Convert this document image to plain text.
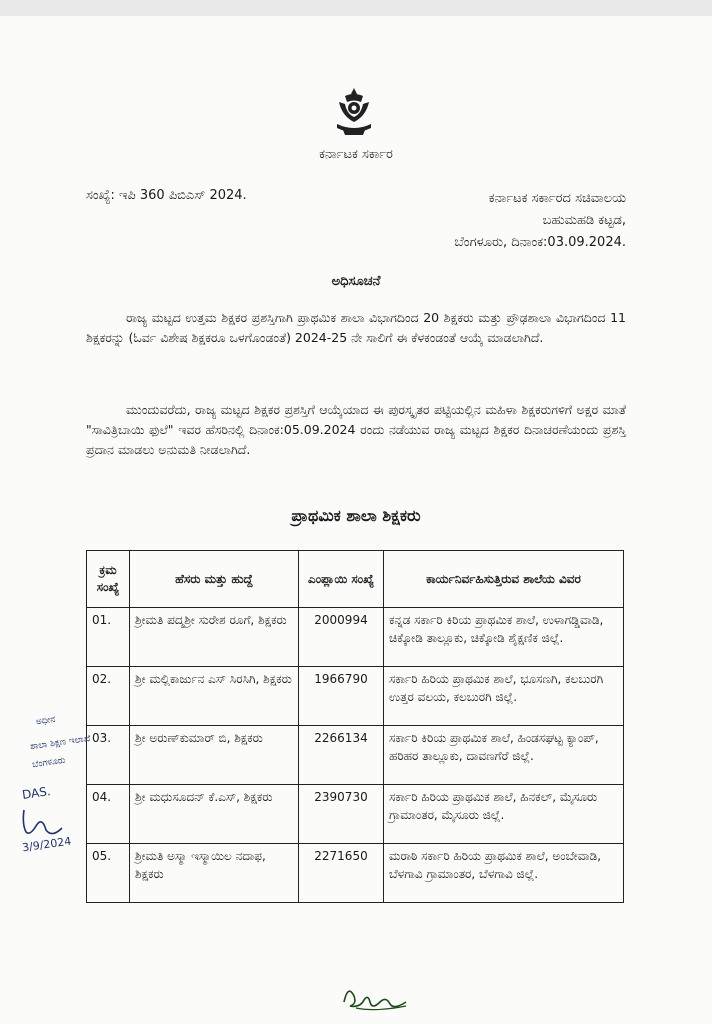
ಕರ್ನಾಟಕ ಸರ್ಕಾರ
ಸಂಖ್ಯೆ: ಇಪಿ 360 ಪಿಬಿಎಸ್ 2024.	ಕರ್ನಾಟಕ ಸರ್ಕಾರದ ಸಚಿವಾಲಯ
ಬಹುಮಹಡಿ ಕಟ್ಟಡ,
ಬೆಂಗಳೂರು, ದಿನಾಂಕ:03.09.2024.
ಅಧಿಸೂಚನೆ
ರಾಜ್ಯ ಮಟ್ಟದ ಉತ್ತಮ ಶಿಕ್ಷಕರ ಪ್ರಶಸ್ತಿಗಾಗಿ ಪ್ರಾಥಮಿಕ ಶಾಲಾ ವಿಭಾಗದಿಂದ 20 ಶಿಕ್ಷಕರು ಮತ್ತು ಪ್ರೌಢಶಾಲಾ ವಿಭಾಗದಿಂದ 11 ಶಿಕ್ಷಕರನ್ನು (ಓರ್ವ ವಿಶೇಷ ಶಿಕ್ಷಕರೂ ಒಳಗೊಂಡಂತೆ) 2024-25 ನೇ ಸಾಲಿಗೆ ಈ ಕೆಳಕಂಡಂತೆ ಆಯ್ಕೆ ಮಾಡಲಾಗಿದೆ.
ಮುಂದುವರೆದು, ರಾಜ್ಯ ಮಟ್ಟದ ಶಿಕ್ಷಕರ ಪ್ರಶಸ್ತಿಗೆ ಆಯ್ಕೆಯಾದ ಈ ಪುರಸ್ಕೃತರ ಪಟ್ಟಿಯಲ್ಲಿನ ಮಹಿಳಾ ಶಿಕ್ಷಕರುಗಳಿಗೆ ಅಕ್ಷರ ಮಾತೆ "ಸಾವಿತ್ರಿಬಾಯಿ ಫುಲೆ" ಇವರ ಹೆಸರಿನಲ್ಲಿ ದಿನಾಂಕ:05.09.2024 ರಂದು ನಡೆಯುವ ರಾಜ್ಯ ಮಟ್ಟದ ಶಿಕ್ಷಕರ ದಿನಾಚರಣೆಯಂದು ಪ್ರಶಸ್ತಿ ಪ್ರದಾನ ಮಾಡಲು ಅನುಮತಿ ನೀಡಲಾಗಿದೆ.
ಪ್ರಾಥಮಿಕ ಶಾಲಾ ಶಿಕ್ಷಕರು
ಕ್ರಮ ಸಂಖ್ಯೆ	ಹೆಸರು ಮತ್ತು ಹುದ್ದೆ	ಎಂಪ್ಲಾಯಿ ಸಂಖ್ಯೆ	ಕಾರ್ಯನಿರ್ವಹಿಸುತ್ತಿರುವ ಶಾಲೆಯ ವಿವರ
01.	ಶ್ರೀಮತಿ ಪದ್ಮಶ್ರೀ ಸುರೇಶ ರೂಗೆ, ಶಿಕ್ಷಕರು	2000994	ಕನ್ನಡ ಸರ್ಕಾರಿ ಕಿರಿಯ ಪ್ರಾಥಮಿಕ ಶಾಲೆ, ಉಳಾಗಡ್ಡಿವಾಡಿ, ಚಿಕ್ಕೋಡಿ ತಾಲ್ಲೂಕು, ಚಿಕ್ಕೋಡಿ ಶೈಕ್ಷಣಿಕ ಜಿಲ್ಲೆ.
02.	ಶ್ರೀ ಮಲ್ಲಿಕಾರ್ಜುನ ಎಸ್ ಸಿರಸಿಗಿ, ಶಿಕ್ಷಕರು	1966790	ಸರ್ಕಾರಿ ಹಿರಿಯ ಪ್ರಾಥಮಿಕ ಶಾಲೆ, ಭೂಸಣಗಿ, ಕಲಬುರಗಿ ಉತ್ತರ ವಲಯ, ಕಲಬುರಗಿ ಜಿಲ್ಲೆ.
03.	ಶ್ರೀ ಅರುಣ್‌ಕುಮಾರ್ ಬಿ, ಶಿಕ್ಷಕರು	2266134	ಸರ್ಕಾರಿ ಕಿರಿಯ ಪ್ರಾಥಮಿಕ ಶಾಲೆ, ಹಿಂಡಸಘಟ್ಟ ಕ್ಯಾಂಪ್, ಹರಿಹರ ತಾಲ್ಲೂಕು, ದಾವಣಗೆರೆ ಜಿಲ್ಲೆ.
04.	ಶ್ರೀ ಮಧುಸೂದನ್ ಕೆ.ಎಸ್, ಶಿಕ್ಷಕರು	2390730	ಸರ್ಕಾರಿ ಹಿರಿಯ ಪ್ರಾಥಮಿಕ ಶಾಲೆ, ಹಿನಕಲ್, ಮೈಸೂರು ಗ್ರಾಮಾಂತರ, ಮೈಸೂರು ಜಿಲ್ಲೆ.
05.	ಶ್ರೀಮತಿ ಅಸ್ಮಾ ಇಸ್ಮಾಯಿಲ ನದಾಫ, ಶಿಕ್ಷಕರು	2271650	ಮರಾಠಿ ಸರ್ಕಾರಿ ಹಿರಿಯ ಪ್ರಾಥಮಿಕ ಶಾಲೆ, ಅಂಬೇವಾಡಿ, ಬೆಳಗಾವಿ ಗ್ರಾಮಾಂತರ, ಬೆಳಗಾವಿ ಜಿಲ್ಲೆ.
ಅಧೀನ
ಶಾಲಾ ಶಿಕ್ಷಣ ಇಲಾಖೆ
ಬೆಂಗಳೂರು
DAS.
3/9/2024
